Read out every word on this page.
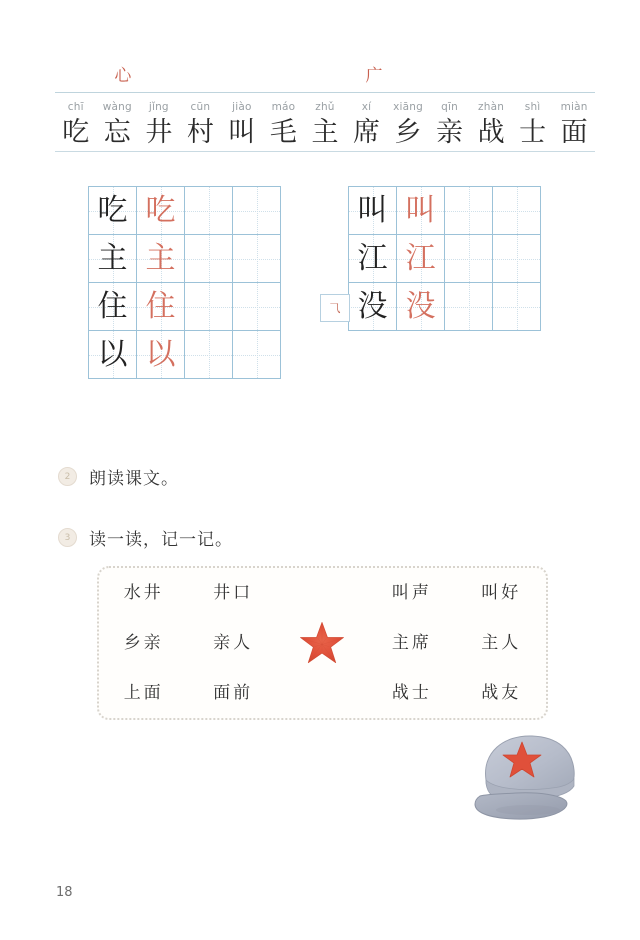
心	广
chī	wàng	jǐng	cūn	jiào	máo	zhǔ	xí	xiāng	qīn	zhàn	shì	miàn
吃 忘 井 村 叫 毛 主 席 乡 亲 战 士 面
吃 吃
主 主
住 住
以 以
叫 叫
江 江
没 没
⺄
2	朗读课文。
3	读一读，记一记。
水井	井口	叫声	叫好
乡亲	亲人	主席	主人
上面	面前	战士	战友
18
